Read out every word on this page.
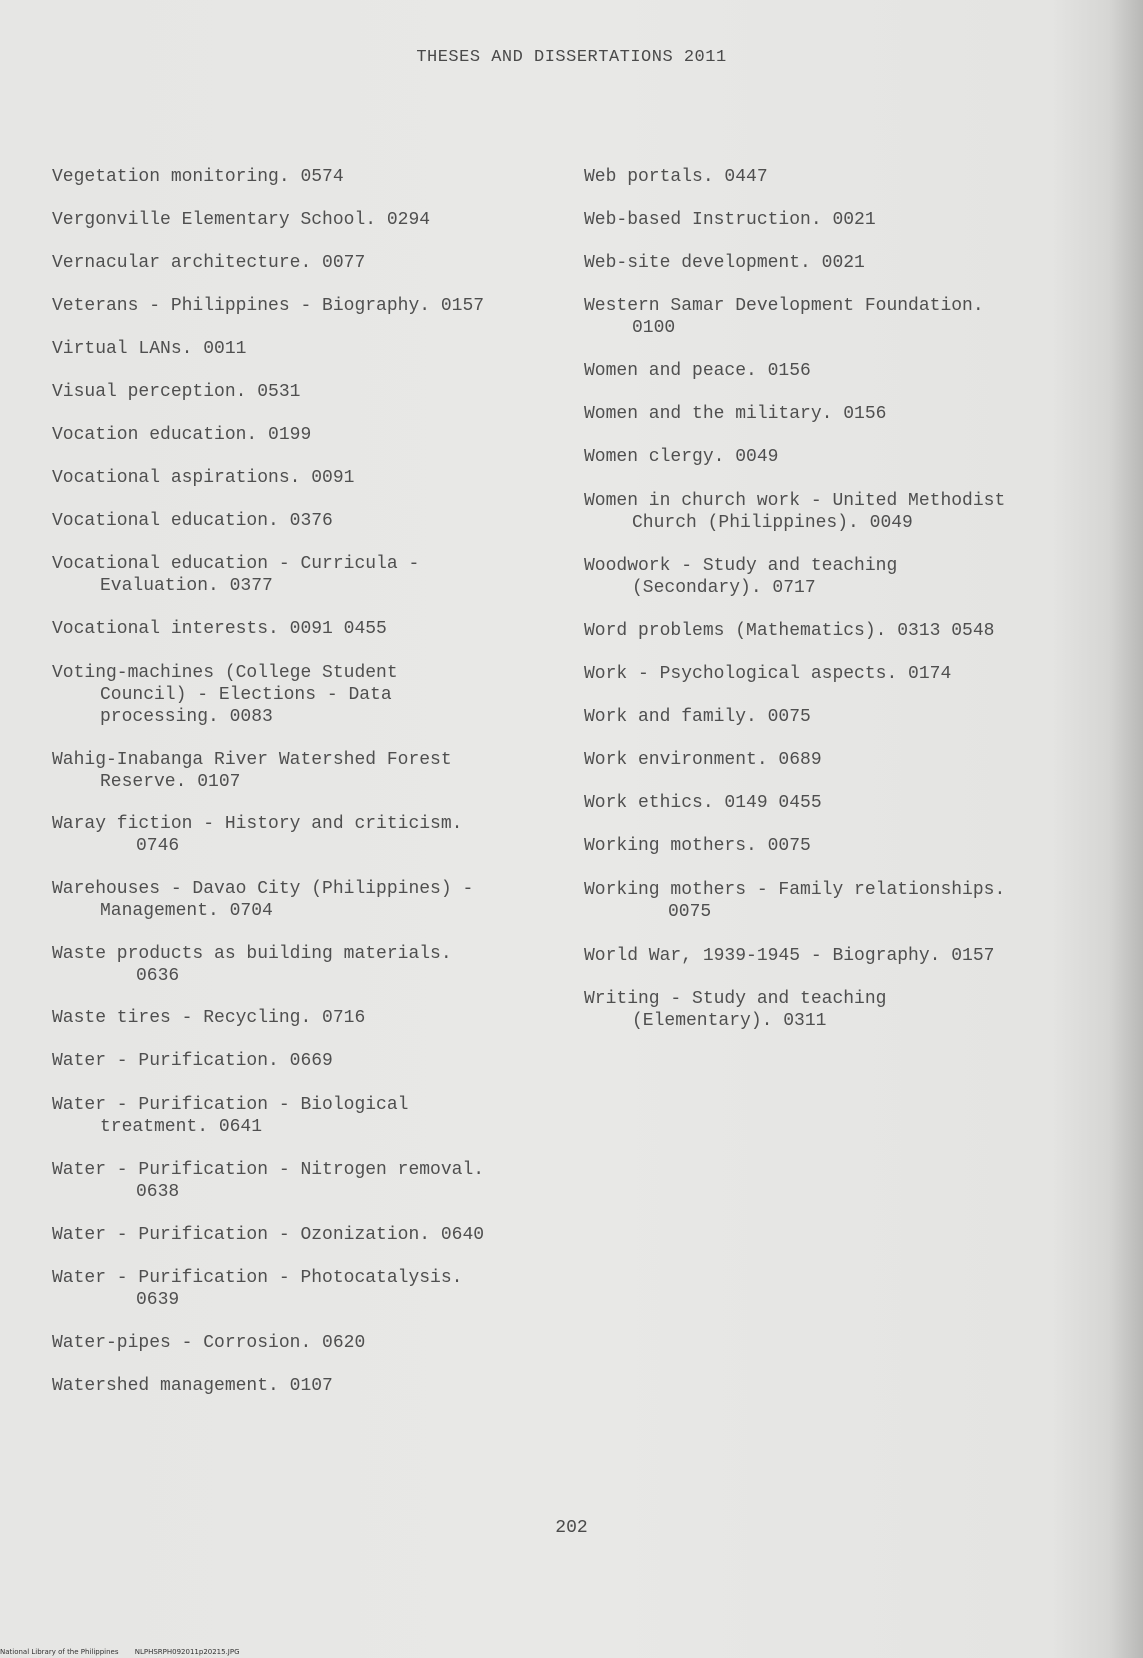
THESES AND DISSERTATIONS 2011

Vegetation monitoring. 0574

Vergonville Elementary School. 0294

Vernacular architecture. 0077

Veterans - Philippines - Biography. 0157

Virtual LANs. 0011

Visual perception. 0531

Vocation education. 0199

Vocational aspirations. 0091

Vocational education. 0376

Vocational education - Curricula -
Evaluation. 0377

Vocational interests. 0091 0455

Voting-machines (College Student
Council) - Elections - Data
processing. 0083

Wahig-Inabanga River Watershed Forest
Reserve. 0107

Waray fiction - History and criticism.
0746

Warehouses - Davao City (Philippines) -
Management. 0704

Waste products as building materials.
0636

Waste tires - Recycling. 0716

Water - Purification. 0669

Water - Purification - Biological
treatment. 0641

Water - Purification - Nitrogen removal.
0638

Water - Purification - Ozonization. 0640

Water - Purification - Photocatalysis.
0639

Water-pipes - Corrosion. 0620

Watershed management. 0107

Web portals. 0447

Web-based Instruction. 0021

Web-site development. 0021

Western Samar Development Foundation.
0100

Women and peace. 0156

Women and the military. 0156

Women clergy. 0049

Women in church work - United Methodist
Church (Philippines). 0049

Woodwork - Study and teaching
(Secondary). 0717

Word problems (Mathematics). 0313 0548

Work - Psychological aspects. 0174

Work and family. 0075

Work environment. 0689

Work ethics. 0149 0455

Working mothers. 0075

Working mothers - Family relationships.
0075

World War, 1939-1945 - Biography. 0157

Writing - Study and teaching
(Elementary). 0311

202
National Library of the Philippines NLPHSRPH092011p20215.JPG
